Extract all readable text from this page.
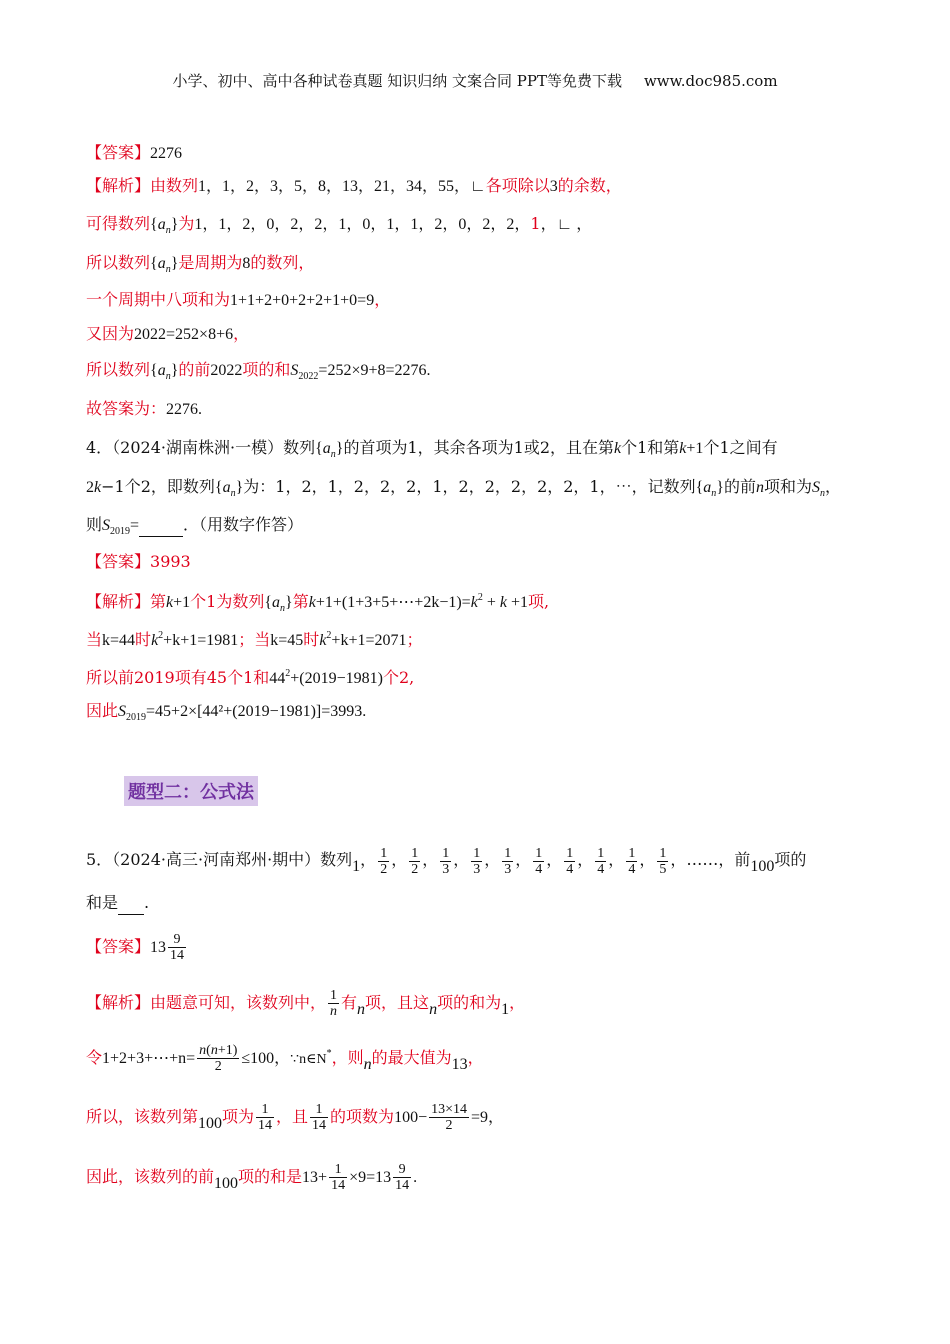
小学、初中、高中各种试卷真题 知识归纳 文案合同 PPT等免费下载 www.doc985.com
【答案】2276
【解析】由数列1，1，2，3，5，8，13，21，34，55，∟各项除以3的余数，
可得数列$\{a_n\}$为1，1，2，0，2，2，1，0，1，1，2，0，2，2，1，∟ ，
所以数列$\{a_n\}$是周期为8的数列，
一个周期中八项和为1+1+2+0+2+2+1+0=9，
又因为2022=252×8+6，
所以数列$\{a_n\}$的前2022项的和$S_{2022}=252\times 9+8=2276$.
故答案为：2276.
4．（2024·湖南株洲·一模）数列$\{a_n\}$的首项为1，其余各项为1或2，且在第k个1和第k+1个1之间有
2k−1个2，即数列$\{a_n\}$为：1，2，1，2，2，2，1，2，2，2，2，2，1，⋯，记数列$\{a_n\}$的前n项和为$S_n$，
则$S_{2019}=$	．（用数字作答）
【答案】3993
【解析】第k+1个1为数列$\{a_n\}$第$k+1+(1+3+5+\cdots+2k-1)=k^2 + k +1$项,
当k=44时$k^2+k+1=1981$；当k=45时$k^2+k+1=2071$；
所以前2019项有45个1和$44^2+(2019-1981)$个2,
因此$S_{2019}=45+2\times[44^2+(2019-1981)]=3993$.
题型二：公式法
5．（2024·高三·河南郑州·期中）数列1， $\frac{1}{2}$ ， $\frac{1}{2}$ ， $\frac{1}{3}$ ， $\frac{1}{3}$ ， $\frac{1}{3}$ ， $\frac{1}{4}$ ， $\frac{1}{4}$ ， $\frac{1}{4}$ ， $\frac{1}{4}$ ， $\frac{1}{5}$ ，……，前100项的
和是 .
【答案】$13 \frac{9}{14}$
【解析】由题意可知，该数列中， $\frac{1}{n}$ 有n项，且这n项的和为1，
令1+2+3+⋯+n= $\frac{n(n+1)}{2} \le 100$，∵n∈N*，则n的最大值为13，
所以，该数列第100项为 $\frac{1}{14}$ ，且 $\frac{1}{14}$ 的项数为$100- \frac{13\times 14}{2} =9$，
因此，该数列的前100项的和是$13+ \frac{1}{14} \times 9=13 \frac{9}{14}$ .
